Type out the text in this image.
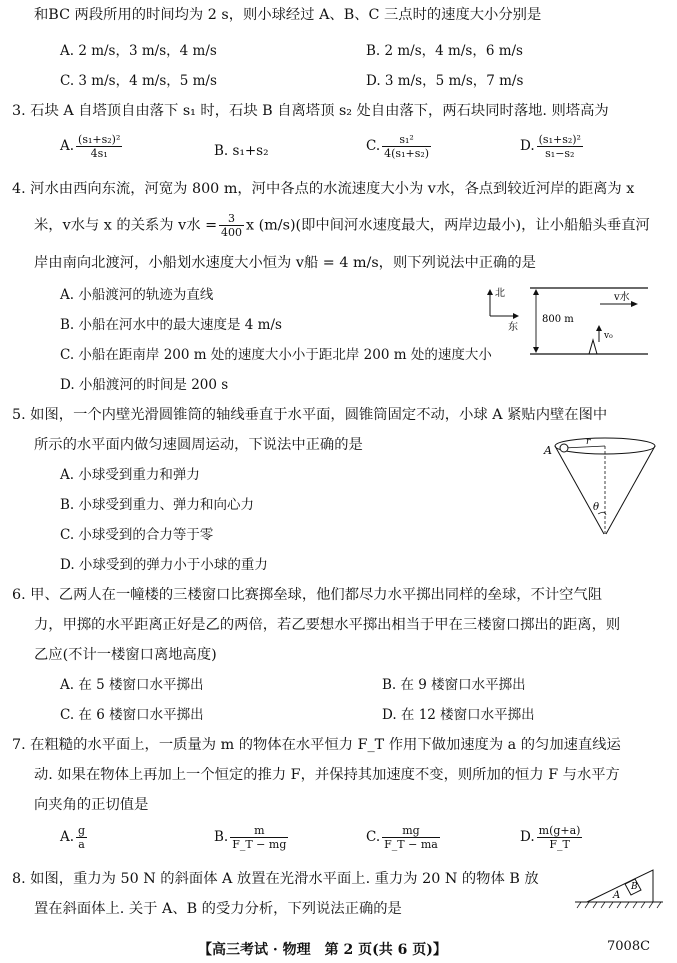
和BC 两段所用的时间均为 2 s，则小球经过 A、B、C 三点时的速度大小分别是
A. 2 m/s，3 m/s，4 m/s	B. 2 m/s，4 m/s，6 m/s
C. 3 m/s，4 m/s，5 m/s	D. 3 m/s，5 m/s，7 m/s
3. 石块 A 自塔顶自由落下 s₁ 时，石块 B 自离塔顶 s₂ 处自由落下，两石块同时落地. 则塔高为
A. $\frac{\text{(s₁+s₂)²}}{\text{4s₁}}$	B. s₁+s₂	C. $\frac{\text{s₁²}}{\text{4(s₁+s₂)}}$	D. $\frac{\text{(s₁+s₂)²}}{\text{s₁−s₂}}$
4. 河水由西向东流，河宽为 800 m，河中各点的水流速度大小为 v水，各点到较近河岸的距离为 x
米，v水与 x 的关系为 v水 = $\frac{3}{400}$ x (m/s)(即中间河水速度最大，两岸边最小)，让小船船头垂直河
岸由南向北渡河，小船划水速度大小恒为 v船 = 4 m/s，则下列说法中正确的是
A. 小船渡河的轨迹为直线
B. 小船在河水中的最大速度是 4 m/s
C. 小船在距南岸 200 m 处的速度大小小于距北岸 200 m 处的速度大小
D. 小船渡河的时间是 200 s
5. 如图，一个内壁光滑圆锥筒的轴线垂直于水平面，圆锥筒固定不动，小球 A 紧贴内壁在图中
所示的水平面内做匀速圆周运动，下说法中正确的是
A. 小球受到重力和弹力
B. 小球受到重力、弹力和向心力
C. 小球受到的合力等于零
D. 小球受到的弹力小于小球的重力
6. 甲、乙两人在一幢楼的三楼窗口比赛掷垒球，他们都尽力水平掷出同样的垒球，不计空气阻
力，甲掷的水平距离正好是乙的两倍，若乙要想水平掷出相当于甲在三楼窗口掷出的距离，则
乙应(不计一楼窗口离地高度)
A. 在 5 楼窗口水平掷出	B. 在 9 楼窗口水平掷出
C. 在 6 楼窗口水平掷出	D. 在 12 楼窗口水平掷出
7. 在粗糙的水平面上，一质量为 m 的物体在水平恒力 F_T 作用下做加速度为 a 的匀加速直线运
动. 如果在物体上再加上一个恒定的推力 F，并保持其加速度不变，则所加的恒力 F 与水平方
向夹角的正切值是
A. $\frac{g}{a}$	B. $\frac{m}{F\_T - mg}$	C. $\frac{mg}{F\_T - ma}$	D. $\frac{m(g+a)}{F\_T}$
8. 如图，重力为 50 N 的斜面体 A 放置在光滑水平面上. 重力为 20 N 的物体 B 放
置在斜面体上. 关于 A、B 的受力分析，下列说法正确的是
800 m
v水
v₀
北
东
A
r
θ
B
A
【高三考试 · 物理　第 2 页(共 6 页)】	7008C
